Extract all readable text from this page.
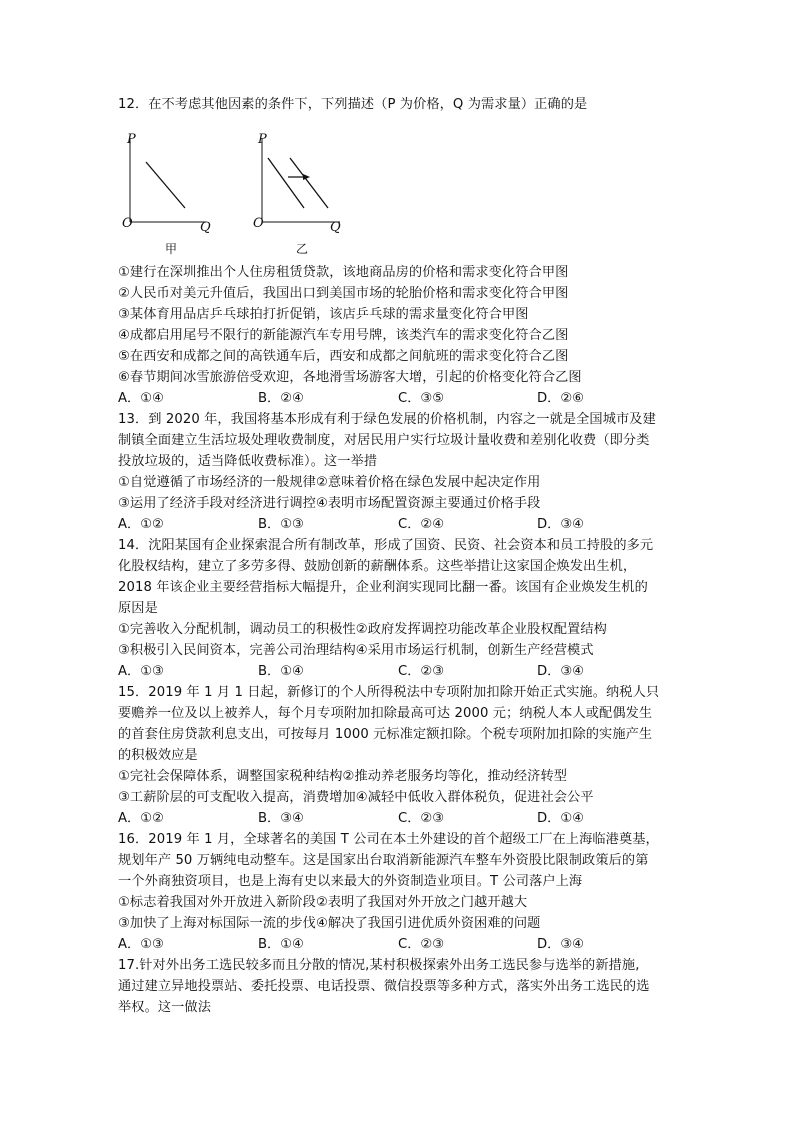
12．在不考虑其他因素的条件下，下列描述（P 为价格，Q 为需求量）正确的是
P
O	Q
甲
P
O	Q
乙
①建行在深圳推出个人住房租赁贷款，该地商品房的价格和需求变化符合甲图
②人民币对美元升值后，我国出口到美国市场的轮胎价格和需求变化符合甲图
③某体育用品店乒乓球拍打折促销，该店乒乓球的需求量变化符合甲图
④成都启用尾号不限行的新能源汽车专用号牌，该类汽车的需求变化符合乙图
⑤在西安和成都之间的高铁通车后，西安和成都之间航班的需求变化符合乙图
⑥春节期间冰雪旅游倍受欢迎，各地滑雪场游客大增，引起的价格变化符合乙图
A．①④	B．②④	C．③⑤	D．②⑥
13．到 2020 年，我国将基本形成有利于绿色发展的价格机制，内容之一就是全国城市及建
制镇全面建立生活垃圾处理收费制度，对居民用户实行垃圾计量收费和差别化收费（即分类
投放垃圾的，适当降低收费标准）。这一举措
①自觉遵循了市场经济的一般规律②意味着价格在绿色发展中起决定作用
③运用了经济手段对经济进行调控④表明市场配置资源主要通过价格手段
A．①②	B．①③	C．②④	D．③④
14．沈阳某国有企业探索混合所有制改革，形成了国资、民资、社会资本和员工持股的多元
化股权结构，建立了多劳多得、鼓励创新的薪酬体系。这些举措让这家国企焕发出生机，
2018 年该企业主要经营指标大幅提升，企业利润实现同比翻一番。该国有企业焕发生机的
原因是
①完善收入分配机制，调动员工的积极性②政府发挥调控功能改革企业股权配置结构
③积极引入民间资本，完善公司治理结构④采用市场运行机制，创新生产经营模式
A．①③	B．①④	C．②③	D．③④
15．2019 年 1 月 1 日起，新修订的个人所得税法中专项附加扣除开始正式实施。纳税人只
要赡养一位及以上被养人，每个月专项附加扣除最高可达 2000 元；纳税人本人或配偶发生
的首套住房贷款利息支出，可按每月 1000 元标准定额扣除。个税专项附加扣除的实施产生
的积极效应是
①完社会保障体系，调整国家税种结构②推动养老服务均等化，推动经济转型
③工薪阶层的可支配收入提高，消费增加④减轻中低收入群体税负，促进社会公平
A．①②	B．③④	C．②③	D．①④
16．2019 年 1 月，全球著名的美国 T 公司在本土外建设的首个超级工厂在上海临港奠基，
规划年产 50 万辆纯电动整车。这是国家出台取消新能源汽车整车外资股比限制政策后的第
一个外商独资项目，也是上海有史以来最大的外资制造业项目。T 公司落户上海
①标志着我国对外开放进入新阶段②表明了我国对外开放之门越开越大
③加快了上海对标国际一流的步伐④解决了我国引进优质外资困难的问题
A．①③	B．①④	C．②③	D．③④
17.针对外出务工选民较多而且分散的情况,某村积极探索外出务工选民参与选举的新措施,
通过建立异地投票站、委托投票、电话投票、微信投票等多种方式，落实外出务工选民的选
举权。这一做法
